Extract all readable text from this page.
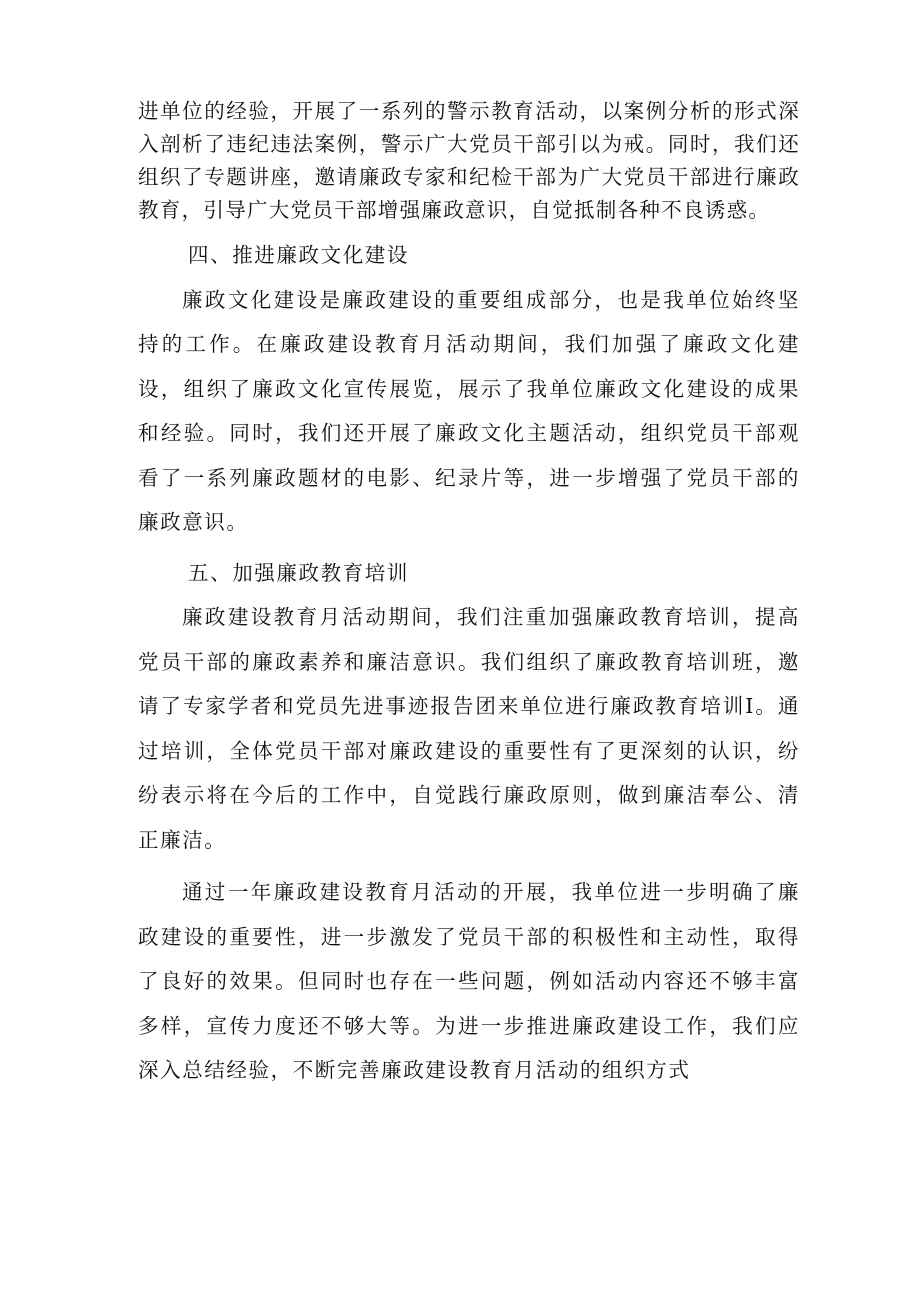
进单位的经验，开展了一系列的警示教育活动，以案例分析的形式深入剖析了违纪违法案例，警示广大党员干部引以为戒。同时，我们还组织了专题讲座，邀请廉政专家和纪检干部为广大党员干部进行廉政教育，引导广大党员干部增强廉政意识，自觉抵制各种不良诱惑。

四、推进廉政文化建设

廉政文化建设是廉政建设的重要组成部分，也是我单位始终坚持的工作。在廉政建设教育月活动期间，我们加强了廉政文化建设，组织了廉政文化宣传展览，展示了我单位廉政文化建设的成果和经验。同时，我们还开展了廉政文化主题活动，组织党员干部观看了一系列廉政题材的电影、纪录片等，进一步增强了党员干部的廉政意识。

五、加强廉政教育培训

廉政建设教育月活动期间，我们注重加强廉政教育培训，提高党员干部的廉政素养和廉洁意识。我们组织了廉政教育培训班，邀请了专家学者和党员先进事迹报告团来单位进行廉政教育培训I。通过培训，全体党员干部对廉政建设的重要性有了更深刻的认识，纷纷表示将在今后的工作中，自觉践行廉政原则，做到廉洁奉公、清正廉洁。

通过一年廉政建设教育月活动的开展，我单位进一步明确了廉政建设的重要性，进一步激发了党员干部的积极性和主动性，取得了良好的效果。但同时也存在一些问题，例如活动内容还不够丰富多样，宣传力度还不够大等。为进一步推进廉政建设工作，我们应深入总结经验，不断完善廉政建设教育月活动的组织方式
